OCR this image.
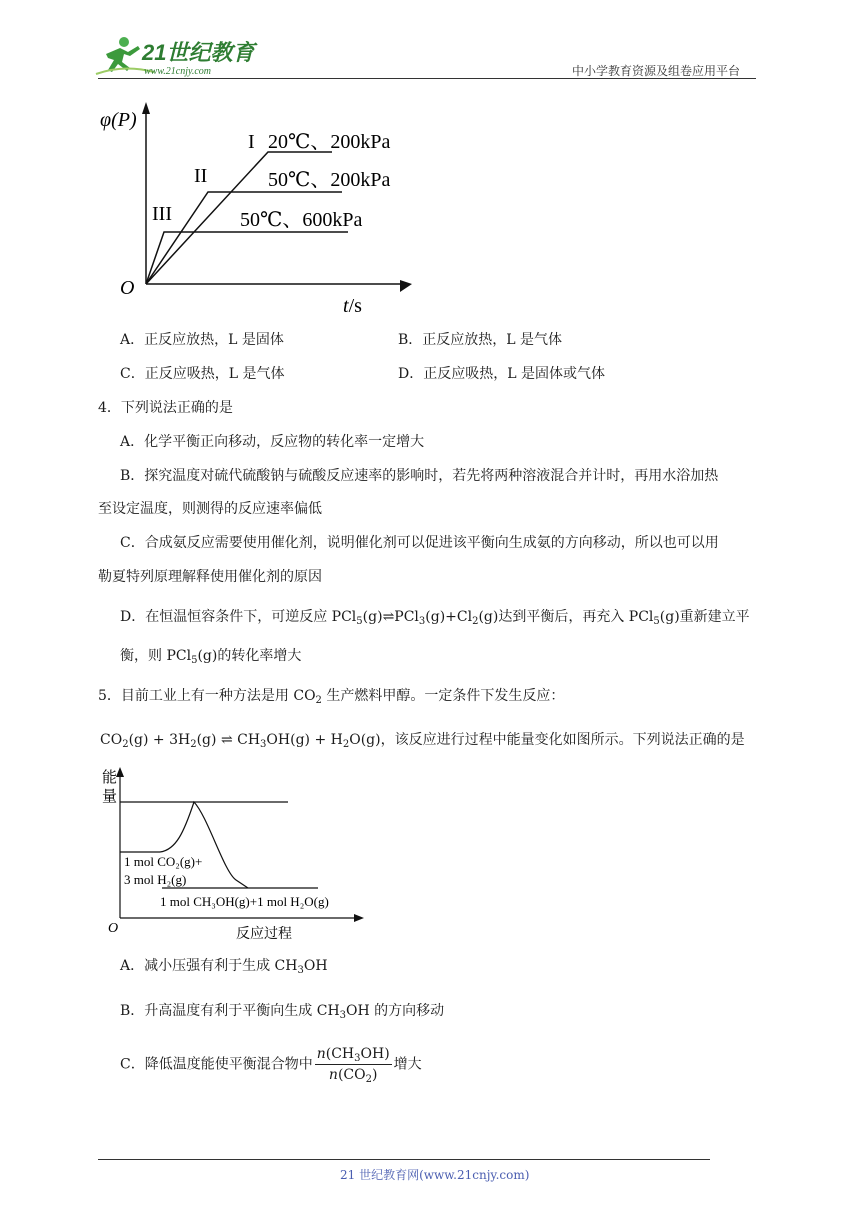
21世纪教育
www.21cnjy.com	中小学教育资源及组卷应用平台
φ(P)
O
t/s
I 20℃、200kPa
II	50℃、200kPa
III	50℃、600kPa
A．正反应放热，L 是固体	B．正反应放热，L 是气体
C．正反应吸热，L 是气体	D．正反应吸热，L 是固体或气体
4．下列说法正确的是
A．化学平衡正向移动，反应物的转化率一定增大
B．探究温度对硫代硫酸钠与硫酸反应速率的影响时，若先将两种溶液混合并计时，再用水浴加热
至设定温度，则测得的反应速率偏低
C．合成氨反应需要使用催化剂，说明催化剂可以促进该平衡向生成氨的方向移动，所以也可以用
勒夏特列原理解释使用催化剂的原因
D．在恒温恒容条件下，可逆反应 $PCl_5(g)\rightleftharpoons PCl_3(g)+Cl_2(g)$达到平衡后，再充入 PCl$_5$(g)重新建立平
衡，则 PCl$_5$(g)的转化率增大
5．目前工业上有一种方法是用 $CO_2$ 生产燃料甲醇。一定条件下发生反应：
$CO_2(g) + 3H_2(g)$ ⇌ $CH_3OH(g) + H_2O(g)$，该反应进行过程中能量变化如图所示。下列说法正确的是
能
量
1 mol CO₂(g)+
3 mol H₂(g)
1 mol CH₃OH(g)+1 mol H₂O(g)
O	反应过程
A．减小压强有利于生成 $CH_3OH$
B．升高温度有利于平衡向生成 $CH_3OH$ 的方向移动
C．降低温度能使平衡混合物中 $\frac{n(CH_3OH)}{n(CO_2)}$ 增大
21 世纪教育网(www.21cnjy.com)
